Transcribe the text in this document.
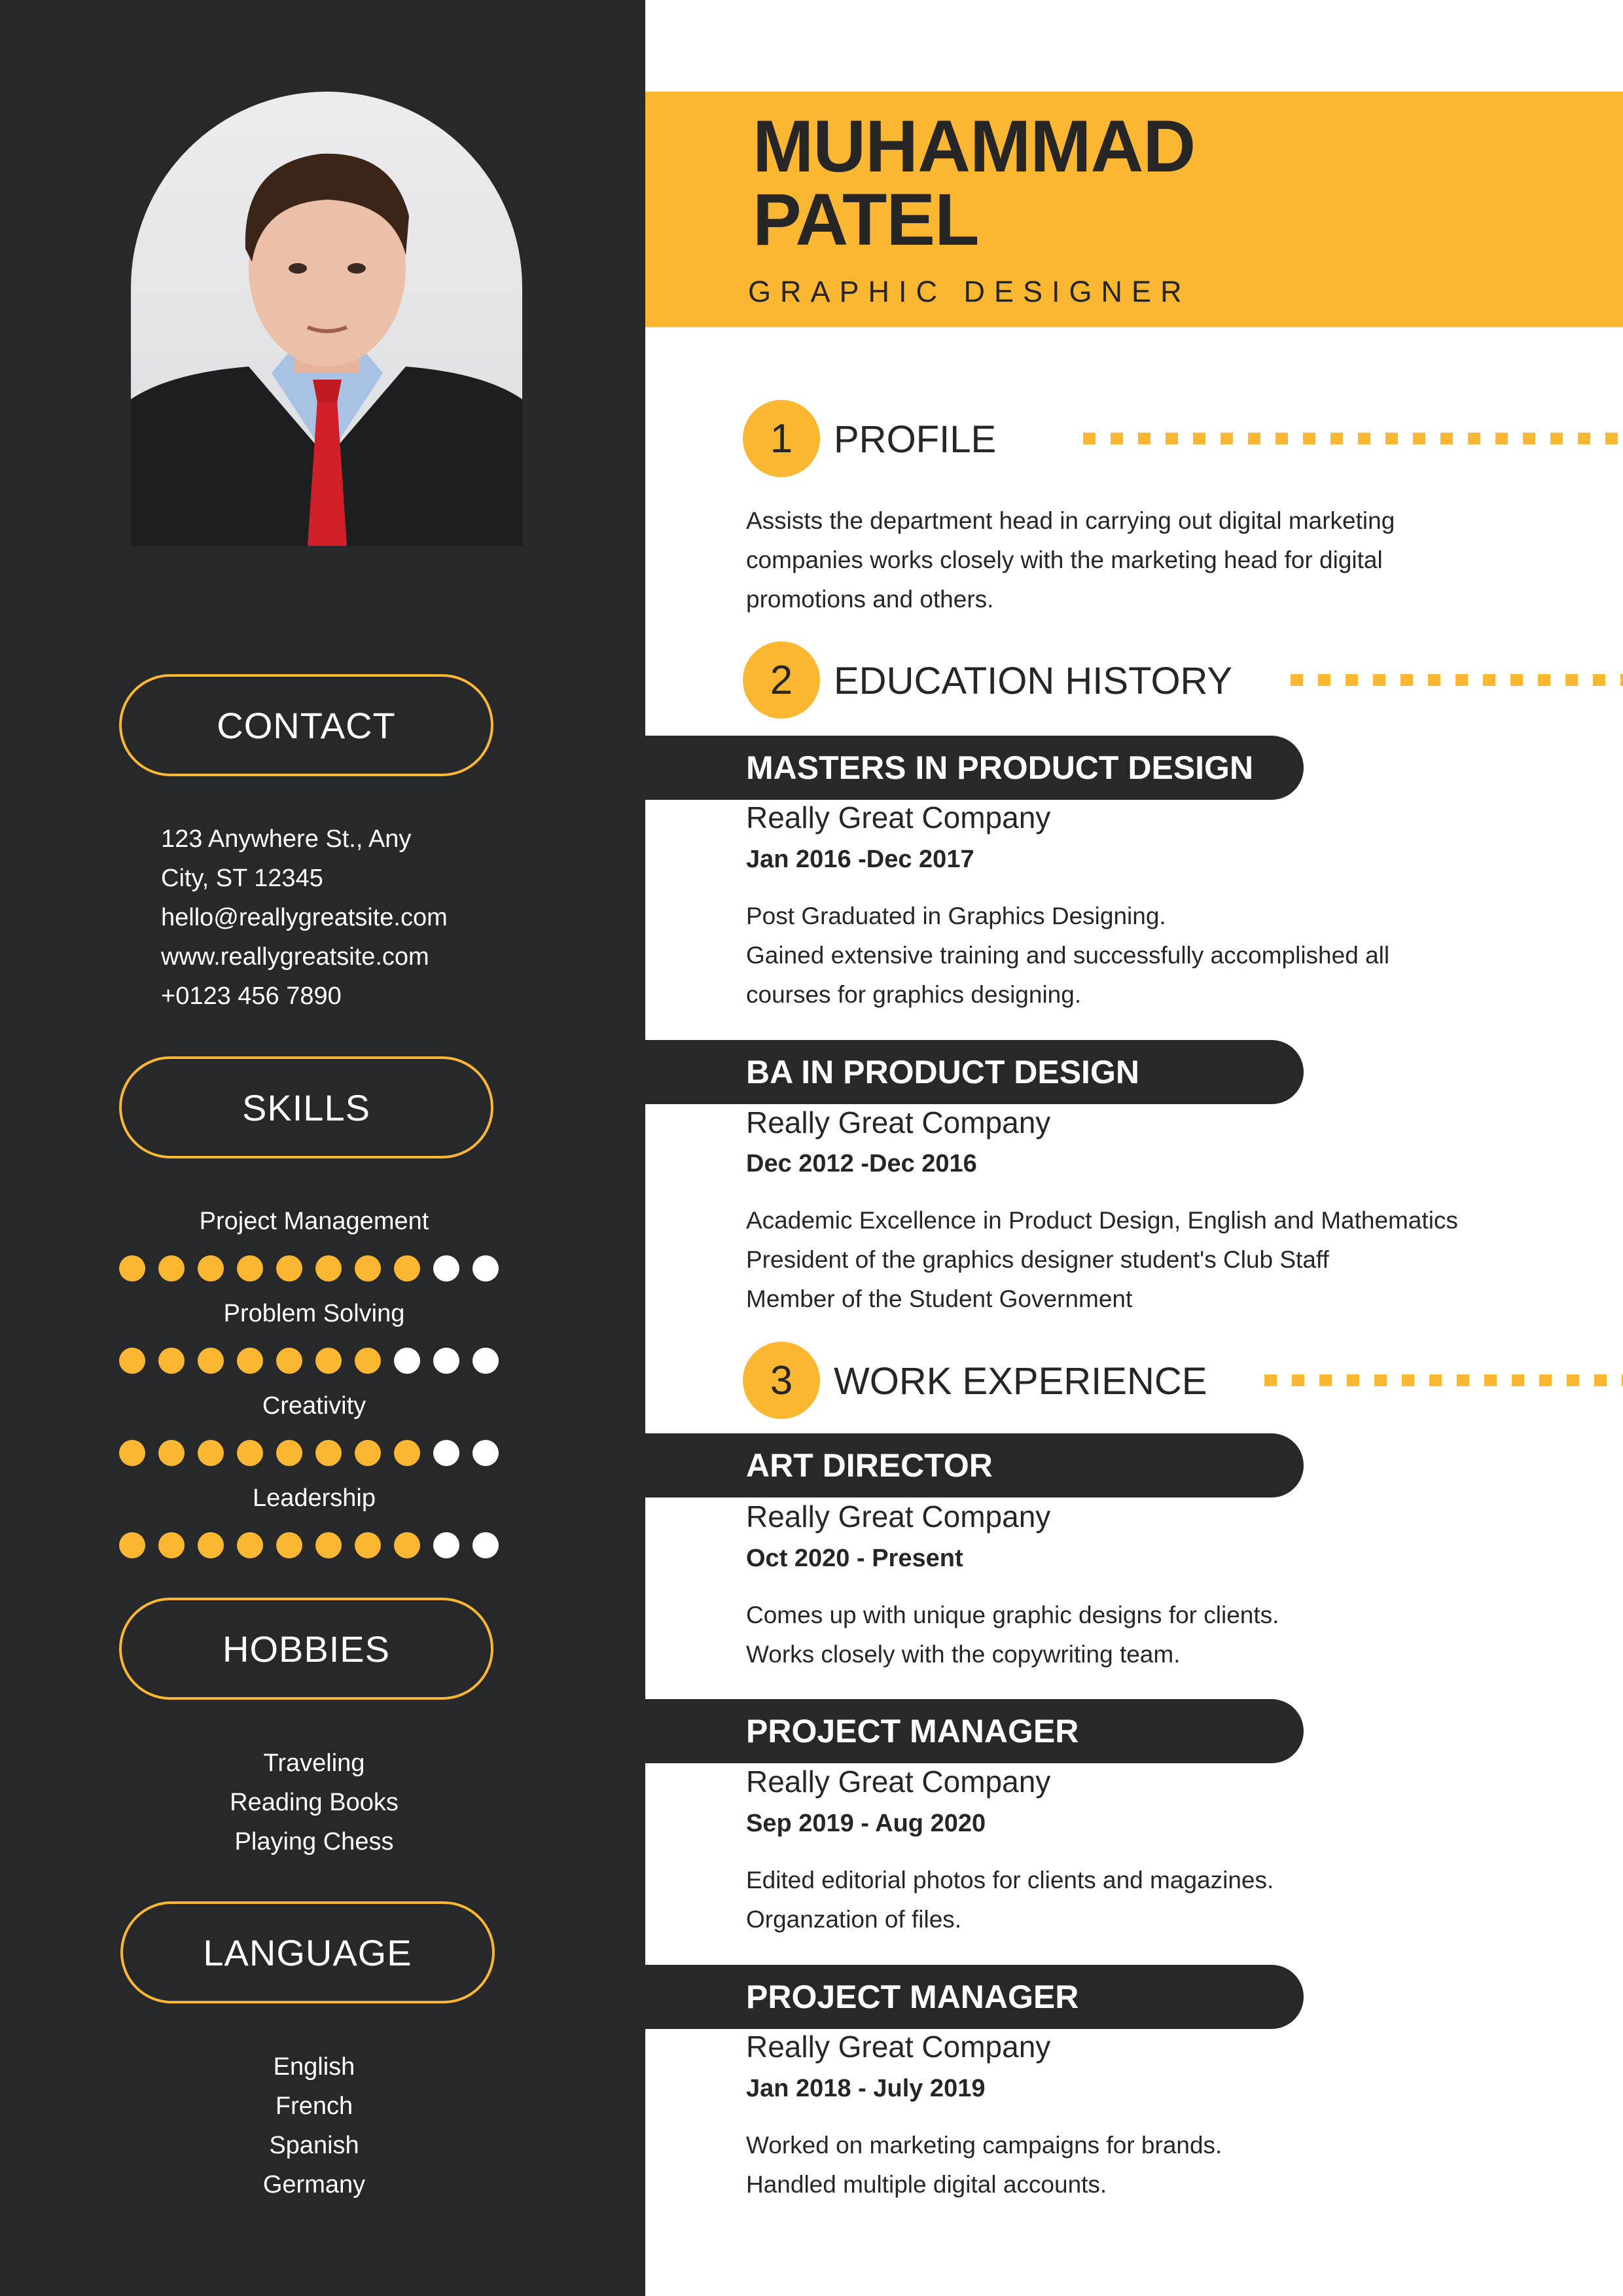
CONTACT
123 Anywhere St., Any
City, ST 12345
hello@reallygreatsite.com
www.reallygreatsite.com
+0123 456 7890
SKILLS
Project Management
Problem Solving
Creativity
Leadership
HOBBIES
Traveling
Reading Books
Playing Chess
LANGUAGE
English
French
Spanish
Germany
MUHAMMAD
PATEL
GRAPHIC DESIGNER
1	PROFILE
Assists the department head in carrying out digital marketing
companies works closely with the marketing head for digital
promotions and others.
2	EDUCATION HISTORY
MASTERS IN PRODUCT DESIGN
Really Great Company
Jan 2016 -Dec 2017
Post Graduated in Graphics Designing.
Gained extensive training and successfully accomplished all
courses for graphics designing.
BA IN PRODUCT DESIGN
Really Great Company
Dec 2012 -Dec 2016
Academic Excellence in Product Design, English and Mathematics
President of the graphics designer student's Club Staff
Member of the Student Government
3	WORK EXPERIENCE
ART DIRECTOR
Really Great Company
Oct 2020 - Present
Comes up with unique graphic designs for clients.
Works closely with the copywriting team.
PROJECT MANAGER
Really Great Company
Sep 2019 - Aug 2020
Edited editorial photos for clients and magazines.
Organzation of files.
PROJECT MANAGER
Really Great Company
Jan 2018 - July 2019
Worked on marketing campaigns for brands.
Handled multiple digital accounts.
